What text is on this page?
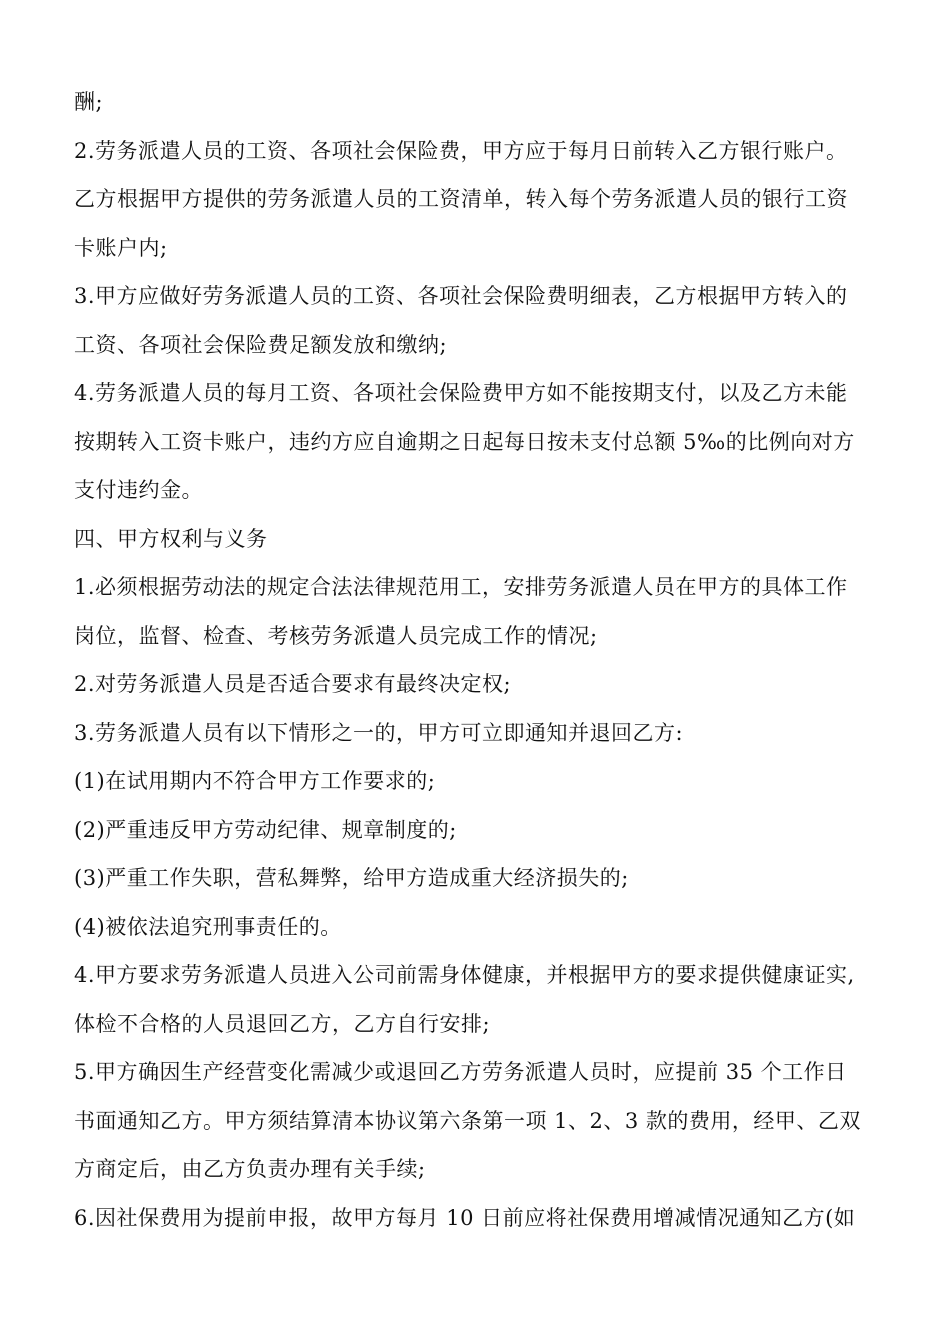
酬;
2.劳务派遣人员的工资、各项社会保险费，甲方应于每月日前转入乙方银行账户。
乙方根据甲方提供的劳务派遣人员的工资清单，转入每个劳务派遣人员的银行工资
卡账户内;
3.甲方应做好劳务派遣人员的工资、各项社会保险费明细表，乙方根据甲方转入的
工资、各项社会保险费足额发放和缴纳;
4.劳务派遣人员的每月工资、各项社会保险费甲方如不能按期支付，以及乙方未能
按期转入工资卡账户，违约方应自逾期之日起每日按未支付总额 5‰的比例向对方
支付违约金。
四、甲方权利与义务
1.必须根据劳动法的规定合法法律规范用工，安排劳务派遣人员在甲方的具体工作
岗位，监督、检查、考核劳务派遣人员完成工作的情况;
2.对劳务派遣人员是否适合要求有最终决定权;
3.劳务派遣人员有以下情形之一的，甲方可立即通知并退回乙方:
(1)在试用期内不符合甲方工作要求的;
(2)严重违反甲方劳动纪律、规章制度的;
(3)严重工作失职，营私舞弊，给甲方造成重大经济损失的;
(4)被依法追究刑事责任的。
4.甲方要求劳务派遣人员进入公司前需身体健康，并根据甲方的要求提供健康证实,
体检不合格的人员退回乙方，乙方自行安排;
5.甲方确因生产经营变化需减少或退回乙方劳务派遣人员时，应提前 35 个工作日
书面通知乙方。甲方须结算清本协议第六条第一项 1、2、3 款的费用，经甲、乙双
方商定后，由乙方负责办理有关手续;
6.因社保费用为提前申报，故甲方每月 10 日前应将社保费用增减情况通知乙方(如
